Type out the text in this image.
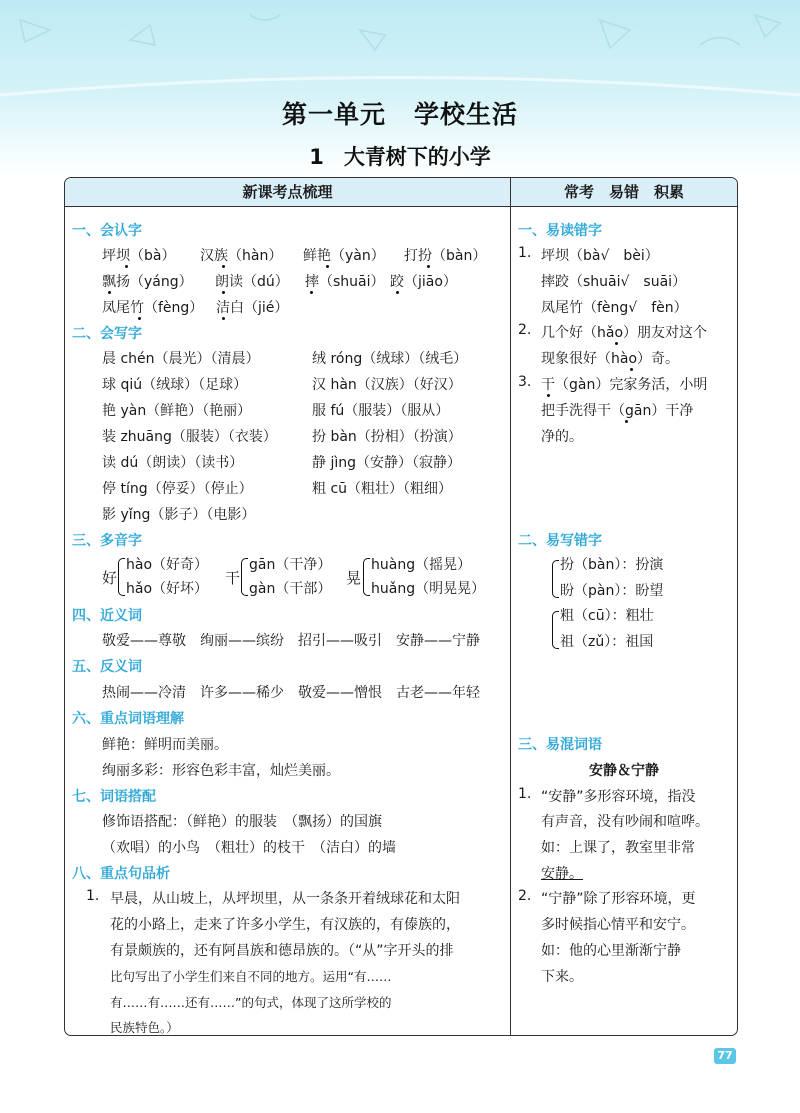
第一单元 学校生活
1 大青树下的小学
新课考点梳理	常考　易错　积累
一、会认字
坪坝（bà） 汉族（hàn） 鲜艳（yàn） 打扮（bàn）
飘扬（yáng） 朗读（dú） 摔（shuāi） 跤（jiāo）
凤尾竹（fèng） 洁白（jié）
二、会写字
晨 chén（晨光）（清晨）	绒 róng（绒球）（绒毛）
球 qiú（绒球）（足球）	汉 hàn（汉族）（好汉）
艳 yàn（鲜艳）（艳丽）	服 fú（服装）（服从）
装 zhuāng（服装）（衣装）	扮 bàn（扮相）（扮演）
读 dú（朗读）（读书）	静 jìng（安静）（寂静）
停 tíng（停妥）（停止）	粗 cū（粗壮）（粗细）
影 yǐng（影子）（电影）
三、多音字
好
hào（好奇）
hǎo（好坏）
干
gān（干净）
gàn（干部）
晃
huàng（摇晃）
huǎng（明晃晃）
四、近义词
敬爱——尊敬　绚丽——缤纷　招引——吸引　安静——宁静
五、反义词
热闹——冷清　许多——稀少　敬爱——憎恨　古老——年轻
六、重点词语理解
鲜艳：鲜明而美丽。
绚丽多彩：形容色彩丰富，灿烂美丽。
七、词语搭配
修饰语搭配：（鲜艳）的服装　（飘扬）的国旗
（欢唱）的小鸟　（粗壮）的枝干　（洁白）的墙
八、重点句品析
1. 早晨，从山坡上，从坪坝里，从一条条开着绒球花和太阳
花的小路上，走来了许多小学生，有汉族的，有傣族的，
有景颇族的，还有阿昌族和德昂族的。（“从”字开头的排
比句写出了小学生们来自不同的地方。运用“有……
有……有……还有……”的句式，体现了这所学校的
民族特色。）
一、易读错字
1. 坪坝（bà√　bèi）
摔跤（shuāi√　suāi）
凤尾竹（fèng√　fèn）
2. 几个好（hǎo）朋友对这个
现象很好（hào）奇。
3. 干（gàn）完家务活，小明
把手洗得干（gān）干净
净的。
二、易写错字
扮（bàn）：扮演
盼（pàn）：盼望
粗（cū）：粗壮
祖（zǔ）：祖国
三、易混词语
安静＆宁静
1. “安静”多形容环境，指没
有声音，没有吵闹和喧哗。
如：上课了，教室里非常
安静。
2. “宁静”除了形容环境，更
多时候指心情平和安宁。
如：他的心里渐渐宁静
下来。
77
